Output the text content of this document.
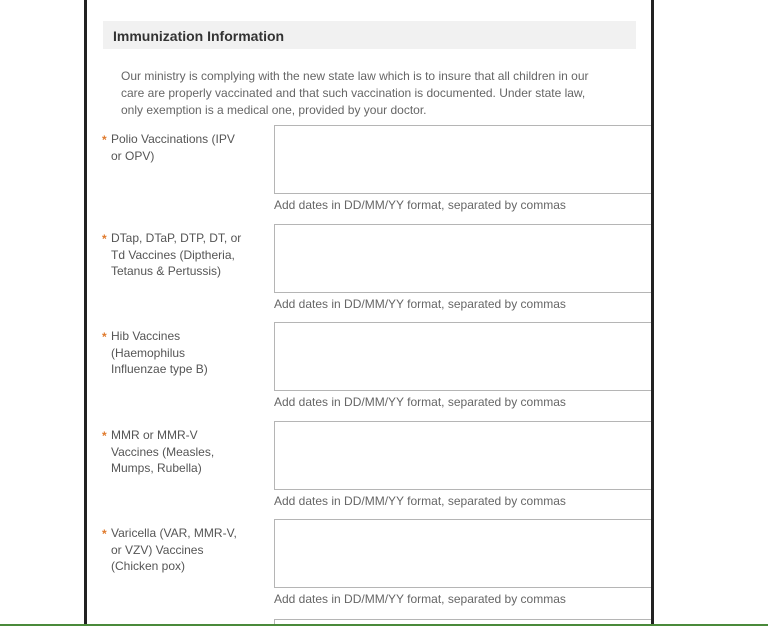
Immunization Information
Our ministry is complying with the new state law which is to insure that all children in our
care are properly vaccinated and that such vaccination is documented. Under state law,
only exemption is a medical one, provided by your doctor.
* Polio Vaccinations (IPV
or OPV)
Add dates in DD/MM/YY format, separated by commas
* DTap, DTaP, DTP, DT, or
Td Vaccines (Diptheria,
Tetanus & Pertussis)
Add dates in DD/MM/YY format, separated by commas
* Hib Vaccines
(Haemophilus
Influenzae type B)
Add dates in DD/MM/YY format, separated by commas
* MMR or MMR-V
Vaccines (Measles,
Mumps, Rubella)
Add dates in DD/MM/YY format, separated by commas
* Varicella (VAR, MMR-V,
or VZV) Vaccines
(Chicken pox)
Add dates in DD/MM/YY format, separated by commas
